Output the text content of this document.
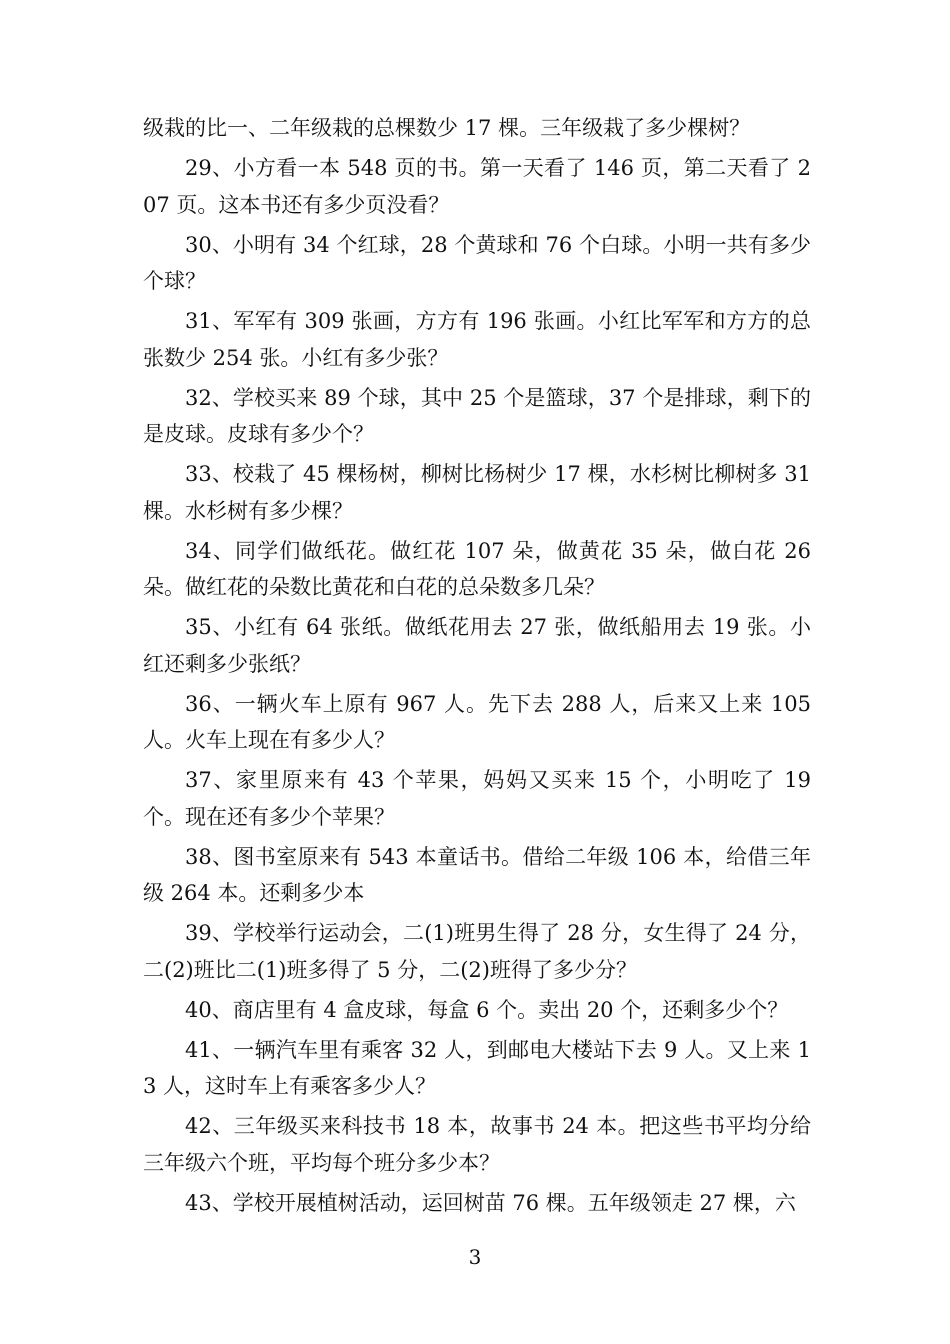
级栽的比一、二年级栽的总棵数少 17 棵。三年级栽了多少棵树？

29、小方看一本 548 页的书。第一天看了 146 页，第二天看了 207 页。这本书还有多少页没看？

30、小明有 34 个红球，28 个黄球和 76 个白球。小明一共有多少个球？

31、军军有 309 张画，方方有 196 张画。小红比军军和方方的总张数少 254 张。小红有多少张？

32、学校买来 89 个球，其中 25 个是篮球，37 个是排球，剩下的是皮球。皮球有多少个？

33、校栽了 45 棵杨树，柳树比杨树少 17 棵，水杉树比柳树多 31 棵。水杉树有多少棵？

34、同学们做纸花。做红花 107 朵，做黄花 35 朵，做白花 26 朵。做红花的朵数比黄花和白花的总朵数多几朵？

35、小红有 64 张纸。做纸花用去 27 张，做纸船用去 19 张。小红还剩多少张纸？

36、一辆火车上原有 967 人。先下去 288 人，后来又上来 105 人。火车上现在有多少人？

37、家里原来有 43 个苹果，妈妈又买来 15 个，小明吃了 19 个。现在还有多少个苹果？

38、图书室原来有 543 本童话书。借给二年级 106 本，给借三年级 264 本。还剩多少本

39、学校举行运动会，二(1)班男生得了 28 分，女生得了 24 分，二(2)班比二(1)班多得了 5 分，二(2)班得了多少分？

40、商店里有 4 盒皮球，每盒 6 个。卖出 20 个，还剩多少个？

41、一辆汽车里有乘客 32 人，到邮电大楼站下去 9 人。又上来 13 人，这时车上有乘客多少人？

42、三年级买来科技书 18 本，故事书 24 本。把这些书平均分给三年级六个班，平均每个班分多少本？

43、学校开展植树活动，运回树苗 76 棵。五年级领走 27 棵，六

3
